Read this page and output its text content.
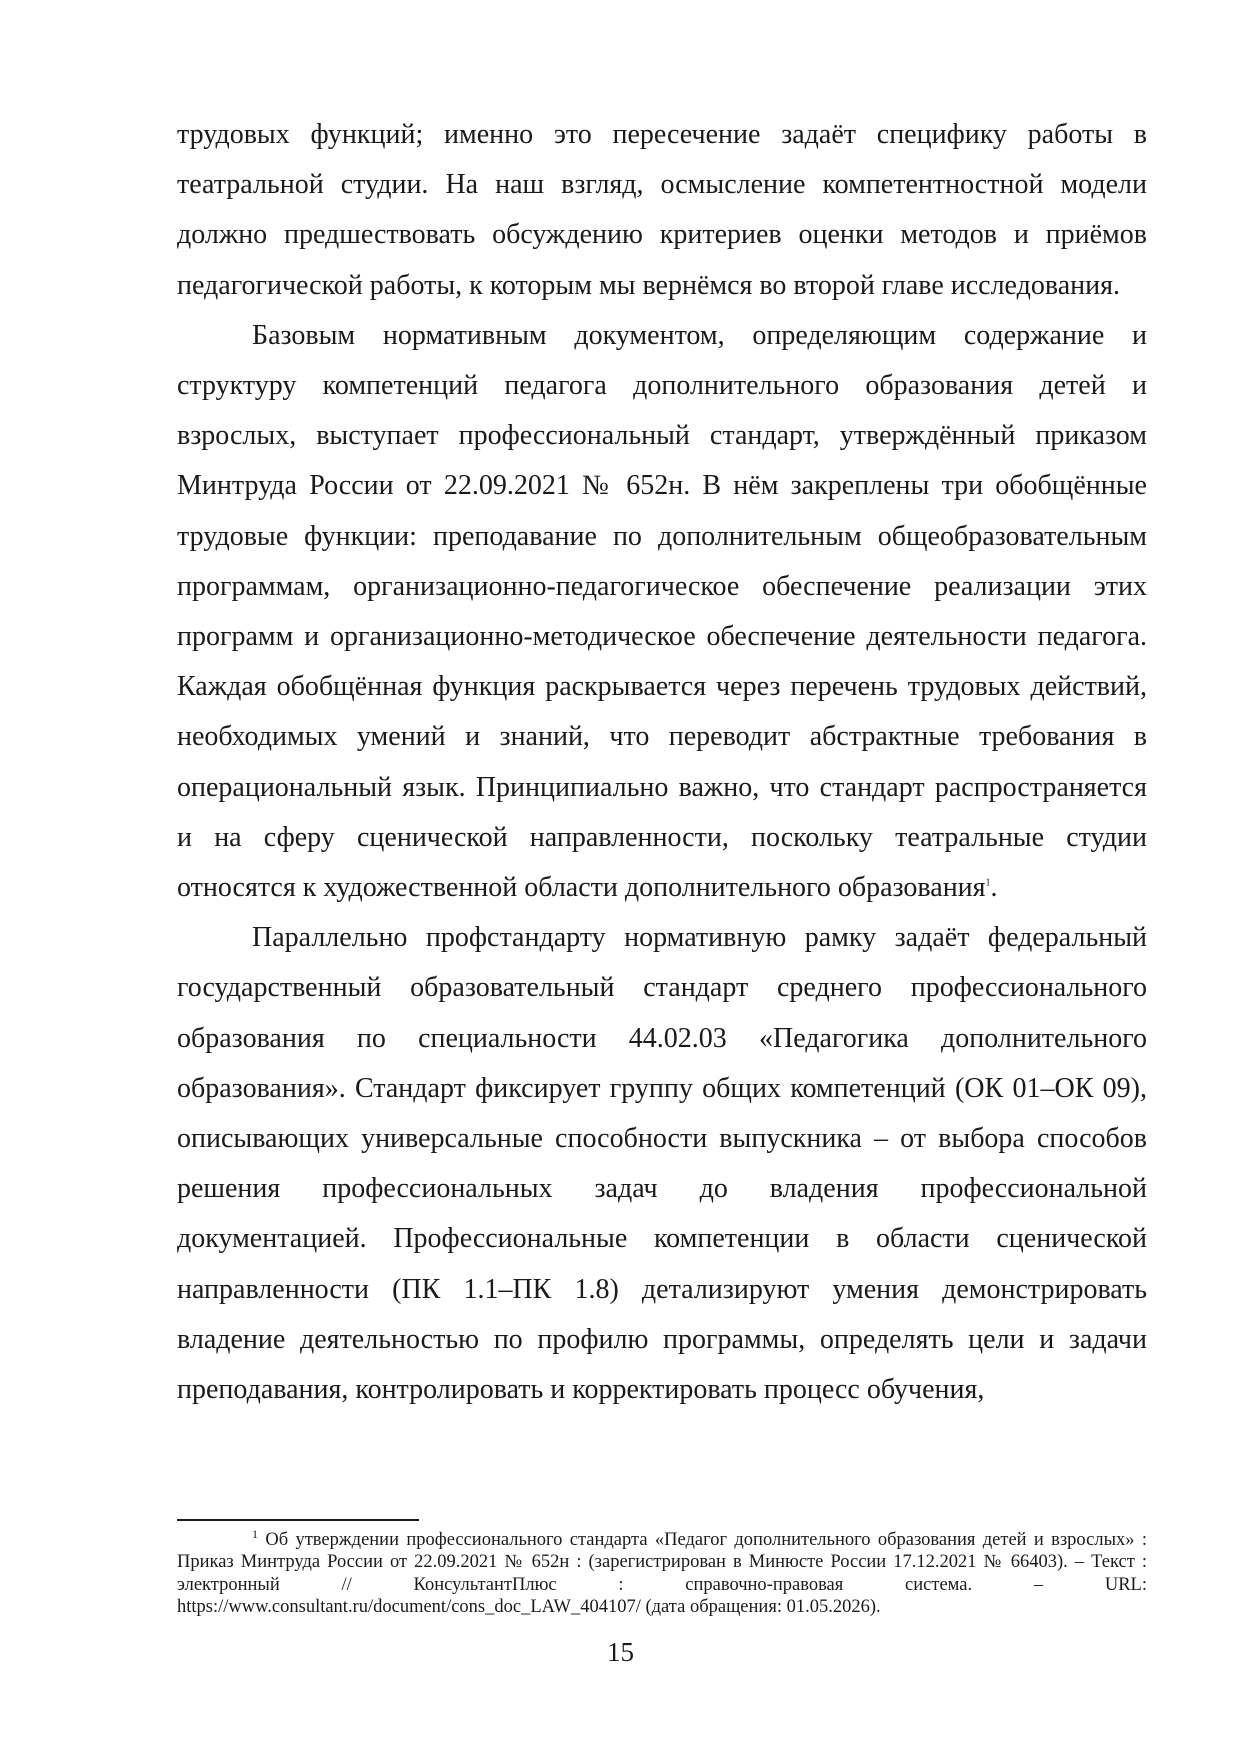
трудовых функций; именно это пересечение задаёт специфику работы в театральной студии. На наш взгляд, осмысление компетентностной модели должно предшествовать обсуждению критериев оценки методов и приёмов педагогической работы, к которым мы вернёмся во второй главе исследования.

Базовым нормативным документом, определяющим содержание и структуру компетенций педагога дополнительного образования детей и взрослых, выступает профессиональный стандарт, утверждённый приказом Минтруда России от 22.09.2021 № 652н. В нём закреплены три обобщённые трудовые функции: преподавание по дополнительным общеобразовательным программам, организационно-педагогическое обеспечение реализации этих программ и организационно-методическое обеспечение деятельности педагога. Каждая обобщённая функция раскрывается через перечень трудовых действий, необходимых умений и знаний, что переводит абстрактные требования в операциональный язык. Принципиально важно, что стандарт распространяется и на сферу сценической направленности, поскольку театральные студии относятся к художественной области дополнительного образования$^1$.

Параллельно профстандарту нормативную рамку задаёт федеральный государственный образовательный стандарт среднего профессионального образования по специальности 44.02.03 «Педагогика дополнительного образования». Стандарт фиксирует группу общих компетенций (ОК 01–ОК 09), описывающих универсальные способности выпускника – от выбора способов решения профессиональных задач до владения профессиональной документацией. Профессиональные компетенции в области сценической направленности (ПК 1.1–ПК 1.8) детализируют умения демонстрировать владение деятельностью по профилю программы, определять цели и задачи преподавания, контролировать и корректировать процесс обучения,

$^1$ Об утверждении профессионального стандарта «Педагог дополнительного образования детей и взрослых» : Приказ Минтруда России от 22.09.2021 № 652н : (зарегистрирован в Минюсте России 17.12.2021 № 66403). – Текст : электронный // КонсультантПлюс : справочно-правовая система. – URL: https://www.consultant.ru/document/cons_doc_LAW_404107/ (дата обращения: 01.05.2026).

15
